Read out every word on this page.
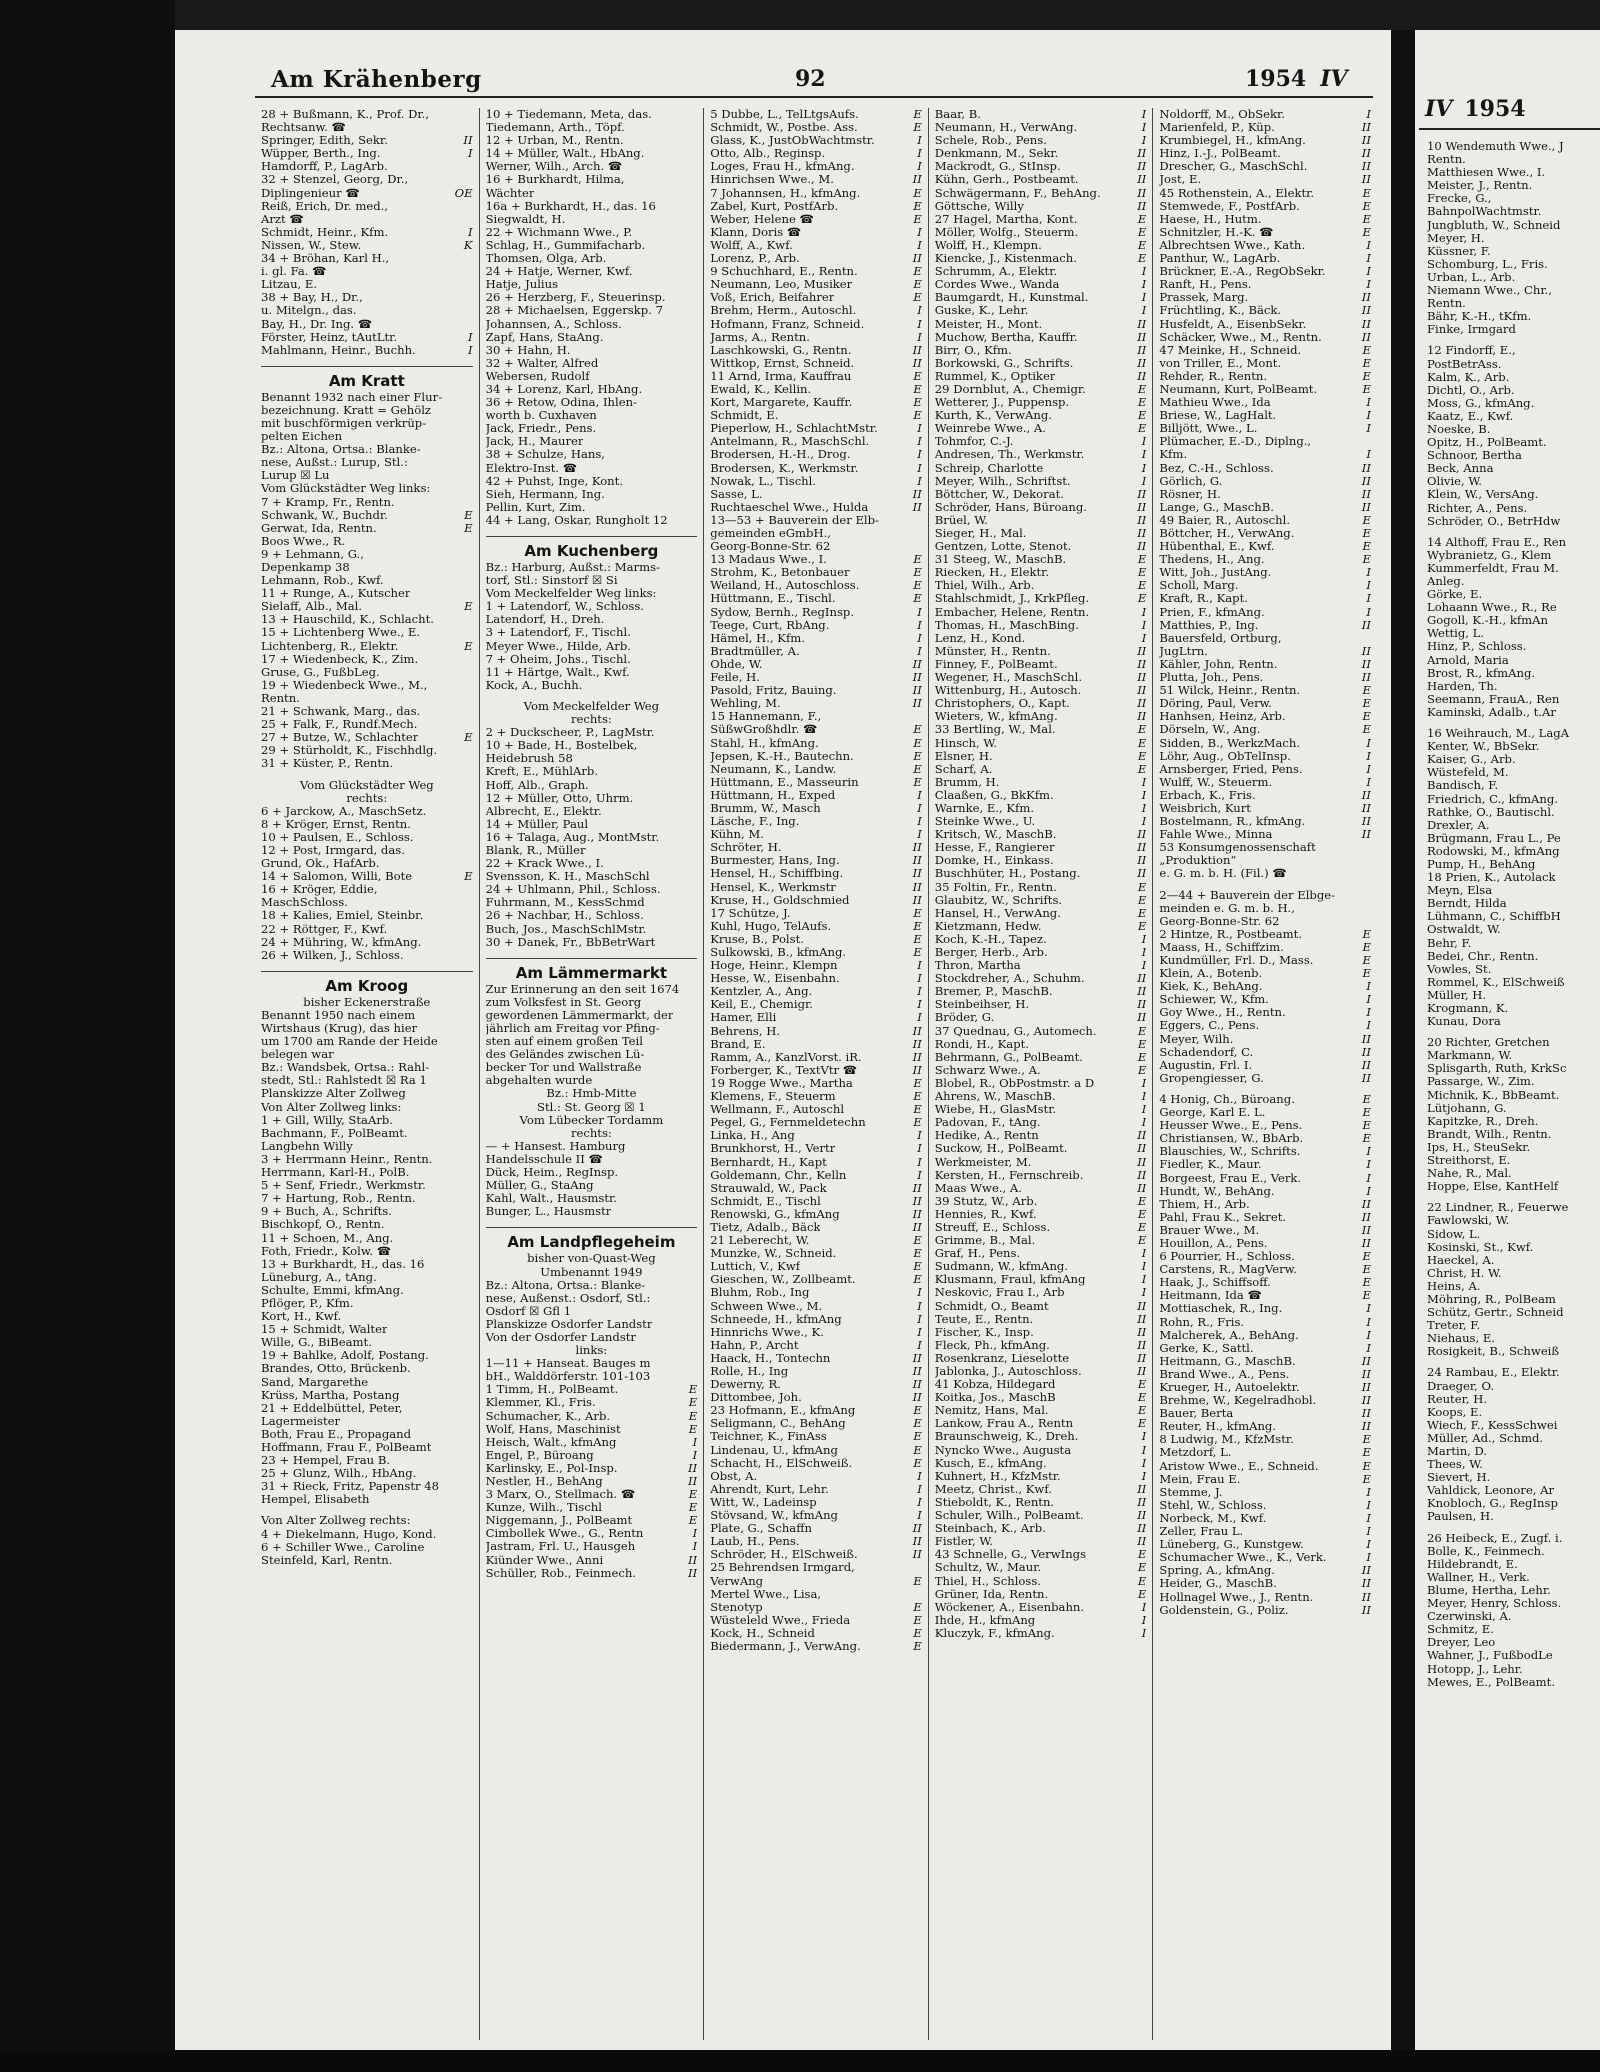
Am Krähenberg	92	1954 IV
28 + Bußmann, K., Prof. Dr.,
Rechtsanw. ☎
Springer, Edith, Sekr.	II
Wüpper, Berth., Ing.	I
Hamdorff, P., LagArb.
32 + Stenzel, Georg, Dr.,
Diplingenieur ☎	OE
Reiß, Erich, Dr. med.,
Arzt ☎
Schmidt, Heinr., Kfm.	I
Nissen, W., Stew.	K
34 + Bröhan, Karl H.,
i. gl. Fa. ☎
Litzau, E.
38 + Bay, H., Dr.,
u. Mitelgn., das.
Bay, H., Dr. Ing. ☎
Förster, Heinz, tAutLtr.	I
Mahlmann, Heinr., Buchh.	I
Am Kratt
Benannt 1932 nach einer Flur-
bezeichnung. Kratt = Gehölz
mit buschförmigen verkrüp-
pelten Eichen
Bz.: Altona, Ortsa.: Blanke-
nese, Außst.: Lurup, Stl.:
Lurup ☒ Lu
Vom Glückstädter Weg links:
7 + Kramp, Fr., Rentn.
Schwank, W., Buchdr.	E
Gerwat, Ida, Rentn.	E
Boos Wwe., R.
9 + Lehmann, G.,
Depenkamp 38
Lehmann, Rob., Kwf.
11 + Runge, A., Kutscher
Sielaff, Alb., Mal.	E
13 + Hauschild, K., Schlacht.
15 + Lichtenberg Wwe., E.
Lichtenberg, R., Elektr.	E
17 + Wiedenbeck, K., Zim.
Gruse, G., FußbLeg.
19 + Wiedenbeck Wwe., M.,
Rentn.
21 + Schwank, Marg., das.
25 + Falk, F., Rundf.Mech.
27 + Butze, W., Schlachter	E
29 + Stürholdt, K., Fischhdlg.
31 + Küster, P., Rentn.
Vom Glückstädter Weg
rechts:
6 + Jarckow, A., MaschSetz.
8 + Kröger, Ernst, Rentn.
10 + Paulsen, E., Schloss.
12 + Post, Irmgard, das.
Grund, Ok., HafArb.
14 + Salomon, Willi, Bote	E
16 + Kröger, Eddie,
MaschSchloss.
18 + Kalies, Emiel, Steinbr.
22 + Röttger, F., Kwf.
24 + Mühring, W., kfmAng.
26 + Wilken, J., Schloss.
Am Kroog
bisher Eckenerstraße
Benannt 1950 nach einem
Wirtshaus (Krug), das hier
um 1700 am Rande der Heide
belegen war
Bz.: Wandsbek, Ortsa.: Rahl-
stedt, Stl.: Rahlstedt ☒ Ra 1
Planskizze Alter Zollweg
Von Alter Zollweg links:
1 + Gill, Willy, StaArb.
Bachmann, F., PolBeamt.
Langbehn Willy
3 + Herrmann Heinr., Rentn.
Herrmann, Karl-H., PolB.
5 + Senf, Friedr., Werkmstr.
7 + Hartung, Rob., Rentn.
9 + Buch, A., Schrifts.
Bischkopf, O., Rentn.
11 + Schoen, M., Ang.
Foth, Friedr., Kolw. ☎
13 + Burkhardt, H., das. 16
Lüneburg, A., tAng.
Schulte, Emmi, kfmAng.
Pflöger, P., Kfm.
Kort, H., Kwf.
15 + Schmidt, Walter
Wille, G., BiBeamt.
19 + Bahlke, Adolf, Postang.
Brandes, Otto, Brückenb.
Sand, Margarethe
Krüss, Martha, Postang
21 + Eddelbüttel, Peter,
Lagermeister
Both, Frau E., Propagand
Hoffmann, Frau F., PolBeamt
23 + Hempel, Frau B.
25 + Glunz, Wilh., HbAng.
31 + Rieck, Fritz, Papenstr 48
Hempel, Elisabeth
Von Alter Zollweg rechts:
4 + Diekelmann, Hugo, Kond.
6 + Schiller Wwe., Caroline
Steinfeld, Karl, Rentn.
10 + Tiedemann, Meta, das.
Tiedemann, Arth., Töpf.
12 + Urban, M., Rentn.
14 + Müller, Walt., HbAng.
Werner, Wilh., Arch. ☎
16 + Burkhardt, Hilma,
Wächter
16a + Burkhardt, H., das. 16
Siegwaldt, H.
22 + Wichmann Wwe., P.
Schlag, H., Gummifacharb.
Thomsen, Olga, Arb.
24 + Hatje, Werner, Kwf.
Hatje, Julius
26 + Herzberg, F., Steuerinsp.
28 + Michaelsen, Eggerskp. 7
Johannsen, A., Schloss.
Zapf, Hans, StaAng.
30 + Hahn, H.
32 + Walter, Alfred
Webersen, Rudolf
34 + Lorenz, Karl, HbAng.
36 + Retow, Odina, Ihlen-
worth b. Cuxhaven
Jack, Friedr., Pens.
Jack, H., Maurer
38 + Schulze, Hans,
Elektro-Inst. ☎
42 + Puhst, Inge, Kont.
Sieh, Hermann, Ing.
Pellin, Kurt, Zim.
44 + Lang, Oskar, Rungholt 12
Am Kuchenberg
Bz.: Harburg, Außst.: Marms-
torf, Stl.: Sinstorf ☒ Si
Vom Meckelfelder Weg links:
1 + Latendorf, W., Schloss.
Latendorf, H., Dreh.
3 + Latendorf, F., Tischl.
Meyer Wwe., Hilde, Arb.
7 + Oheim, Johs., Tischl.
11 + Härtge, Walt., Kwf.
Kock, A., Buchh.
Vom Meckelfelder Weg
rechts:
2 + Duckscheer, P., LagMstr.
10 + Bade, H., Bostelbek,
Heidebrush 58
Kreft, E., MühlArb.
Hoff, Alb., Graph.
12 + Müller, Otto, Uhrm.
Albrecht, E., Elektr.
14 + Müller, Paul
16 + Talaga, Aug., MontMstr.
Blank, R., Müller
22 + Krack Wwe., I.
Svensson, K. H., MaschSchl
24 + Uhlmann, Phil., Schloss.
Fuhrmann, M., KessSchmd
26 + Nachbar, H., Schloss.
Buch, Jos., MaschSchlMstr.
30 + Danek, Fr., BbBetrWart
Am Lämmermarkt
Zur Erinnerung an den seit 1674
zum Volksfest in St. Georg
gewordenen Lämmermarkt, der
jährlich am Freitag vor Pfing-
sten auf einem großen Teil
des Geländes zwischen Lü-
becker Tor und Wallstraße
abgehalten wurde
Bz.: Hmb-Mitte
Stl.: St. Georg ☒ 1
Vom Lübecker Tordamm
rechts:
— + Hansest. Hamburg
Handelsschule II ☎
Dück, Heim., RegInsp.
Müller, G., StaAng
Kahl, Walt., Hausmstr.
Bunger, L., Hausmstr
Am Landpflegeheim
bisher von-Quast-Weg
Umbenannt 1949
Bz.: Altona, Ortsa.: Blanke-
nese, Außenst.: Osdorf, Stl.:
Osdorf ☒ Gfl 1
Planskizze Osdorfer Landstr
Von der Osdorfer Landstr
links:
1—11 + Hanseat. Bauges m
bH., Walddörferstr. 101-103
1 Timm, H., PolBeamt.	E
Klemmer, Kl., Fris.	E
Schumacher, K., Arb.	E
Wolf, Hans, Maschinist	E
Heisch, Walt., kfmAng	I
Engel, P., Büroang	I
Karlinsky, E., Pol-Insp.	II
Nestler, H., BehAng	II
3 Marx, O., Stellmach. ☎	E
Kunze, Wilh., Tischl	E
Niggemann, J., PolBeamt	E
Cimbollek Wwe., G., Rentn	I
Jastram, Frl. U., Hausgeh	I
Kiünder Wwe., Anni	II
Schüller, Rob., Feinmech.	II
5 Dubbe, L., TelLtgsAufs.	E
Schmidt, W., Postbe. Ass.	E
Glass, K., JustObWachtmstr.	I
Otto, Alb., Reginsp.	I
Loges, Frau H., kfmAng.	I
Hinrichsen Wwe., M.	II
7 Johannsen, H., kfmAng.	E
Zabel, Kurt, PostfArb.	E
Weber, Helene ☎	E
Klann, Doris ☎	I
Wolff, A., Kwf.	I
Lorenz, P., Arb.	II
9 Schuchhard, E., Rentn.	E
Neumann, Leo, Musiker	E
Voß, Erich, Beifahrer	E
Brehm, Herm., Autoschl.	I
Hofmann, Franz, Schneid.	I
Jarms, A., Rentn.	I
Laschkowski, G., Rentn.	II
Wittkop, Ernst, Schneid.	II
11 Arnd, Irma, Kauffrau	E
Ewald, K., Kellin.	E
Kort, Margarete, Kauffr.	E
Schmidt, E.	E
Pieperlow, H., SchlachtMstr.	I
Antelmann, R., MaschSchl.	I
Brodersen, H.-H., Drog.	I
Brodersen, K., Werkmstr.	I
Nowak, L., Tischl.	I
Sasse, L.	II
Ruchtaeschel Wwe., Hulda	II
13—53 + Bauverein der Elb-
gemeinden eGmbH.,
Georg-Bonne-Str. 62
13 Madaus Wwe., I.	E
Strohm, K., Betonbauer	E
Weiland, H., Autoschloss.	E
Hüttmann, E., Tischl.	E
Sydow, Bernh., RegInsp.	I
Teege, Curt, RbAng.	I
Hämel, H., Kfm.	I
Bradtmüller, A.	I
Ohde, W.	II
Feile, H.	II
Pasold, Fritz, Bauing.	II
Wehling, M.	II
15 Hannemann, F.,
SüßwGroßhdlr. ☎	E
Stahl, H., kfmAng.	E
Jepsen, K.-H., Bautechn.	E
Neumann, K., Landw.	E
Hüttmann, E., Masseurin	E
Hüttmann, H., Exped	I
Brumm, W., Masch	I
Läsche, F., Ing.	I
Kühn, M.	I
Schröter, H.	II
Burmester, Hans, Ing.	II
Hensel, H., Schiffbing.	II
Hensel, K., Werkmstr	II
Kruse, H., Goldschmied	II
17 Schütze, J.	E
Kuhl, Hugo, TelAufs.	E
Kruse, B., Polst.	E
Sulkowski, B., kfmAng.	E
Hoge, Heinr., Klempn	I
Hesse, W., Eisenbahn.	I
Kentzler, A., Ang.	I
Keil, E., Chemigr.	I
Hamer, Elli	I
Behrens, H.	II
Brand, E.	II
Ramm, A., KanzlVorst. iR.	II
Forberger, K., TextVtr ☎	II
19 Rogge Wwe., Martha	E
Klemens, F., Steuerm	E
Wellmann, F., Autoschl	E
Pegel, G., Fernmeldetechn	E
Linka, H., Ang	I
Brunkhorst, H., Vertr	I
Bernhardt, H., Kapt	I
Goldemann, Chr., Kelln	I
Strauwald, W., Pack	II
Schmidt, E., Tischl	II
Renowski, G., kfmAng	II
Tietz, Adalb., Bäck	II
21 Leberecht, W.	E
Munzke, W., Schneid.	E
Luttich, V., Kwf	E
Gieschen, W., Zollbeamt.	E
Bluhm, Rob., Ing	I
Schween Wwe., M.	I
Schneede, H., kfmAng	I
Hinnrichs Wwe., K.	I
Hahn, P., Archt	I
Haack, H., Tontechn	II
Rolle, H., Ing	II
Dewerny, R.	II
Dittombee, Joh.	II
23 Hofmann, E., kfmAng	E
Seligmann, C., BehAng	E
Teichner, K., FinAss	E
Lindenau, U., kfmAng	E
Schacht, H., ElSchweiß.	E
Obst, A.	I
Ahrendt, Kurt, Lehr.	I
Witt, W., Ladeinsp	I
Stövsand, W., kfmAng	I
Plate, G., Schaffn	II
Laub, H., Pens.	II
Schröder, H., ElSchweiß.	II
25 Behrendsen Irmgard,
VerwAng	E
Mertel Wwe., Lisa,
Stenotyp	E
Wüsteleld Wwe., Frieda	E
Kock, H., Schneid	E
Biedermann, J., VerwAng.	E
Baar, B.	I
Neumann, H., VerwAng.	I
Schele, Rob., Pens.	I
Denkmann, M., Sekr.	II
Mackrodt, G., StInsp.	II
Kühn, Gerh., Postbeamt.	II
Schwägermann, F., BehAng.	II
Göttsche, Willy	II
27 Hagel, Martha, Kont.	E
Möller, Wolfg., Steuerm.	E
Wolff, H., Klempn.	E
Kiencke, J., Kistenmach.	E
Schrumm, A., Elektr.	I
Cordes Wwe., Wanda	I
Baumgardt, H., Kunstmal.	I
Guske, K., Lehr.	I
Meister, H., Mont.	II
Muchow, Bertha, Kauffr.	II
Birr, O., Kfm.	II
Borkowski, G., Schrifts.	II
Rummel, K., Optiker	II
29 Dornblut, A., Chemigr.	E
Wetterer, J., Puppensp.	E
Kurth, K., VerwAng.	E
Weinrebe Wwe., A.	E
Tohmfor, C.-J.	I
Andresen, Th., Werkmstr.	I
Schreip, Charlotte	I
Meyer, Wilh., Schriftst.	I
Böttcher, W., Dekorat.	II
Schröder, Hans, Büroang.	II
Brüel, W.	II
Sieger, H., Mal.	II
Gentzen, Lotte, Stenot.	II
31 Steeg, W., MaschB.	E
Riecken, H., Elektr.	E
Thiel, Wilh., Arb.	E
Stahlschmidt, J., KrkPfleg.	E
Embacher, Helene, Rentn.	I
Thomas, H., MaschBing.	I
Lenz, H., Kond.	I
Münster, H., Rentn.	II
Finney, F., PolBeamt.	II
Wegener, H., MaschSchl.	II
Wittenburg, H., Autosch.	II
Christophers, O., Kapt.	II
Wieters, W., kfmAng.	II
33 Bertling, W., Mal.	E
Hinsch, W.	E
Elsner, H.	E
Scharf, A.	E
Brumm, H.	I
Claaßen, G., BkKfm.	I
Warnke, E., Kfm.	I
Steinke Wwe., U.	I
Kritsch, W., MaschB.	II
Hesse, F., Rangierer	II
Domke, H., Einkass.	II
Buschhüter, H., Postang.	II
35 Foltin, Fr., Rentn.	E
Glaubitz, W., Schrifts.	E
Hansel, H., VerwAng.	E
Kietzmann, Hedw.	E
Koch, K.-H., Tapez.	I
Berger, Herb., Arb.	I
Thron, Martha	I
Stockdreher, A., Schuhm.	II
Bremer, P., MaschB.	II
Steinbeihser, H.	II
Bröder, G.	II
37 Quednau, G., Automech.	E
Rondi, H., Kapt.	E
Behrmann, G., PolBeamt.	E
Schwarz Wwe., A.	E
Blobel, R., ObPostmstr. a D	I
Ahrens, W., MaschB.	I
Wiebe, H., GlasMstr.	I
Padovan, F., tAng.	I
Hedike, A., Rentn	II
Suckow, H., PolBeamt.	II
Werkmeister, M.	II
Kersten, H., Fernschreib.	II
Maas Wwe., A.	II
39 Stutz, W., Arb.	E
Hennies, R., Kwf.	E
Streuff, E., Schloss.	E
Grimme, B., Mal.	E
Graf, H., Pens.	I
Sudmann, W., kfmAng.	I
Klusmann, Fraul, kfmAng	I
Neskovic, Frau I., Arb	I
Schmidt, O., Beamt	II
Teute, E., Rentn.	II
Fischer, K., Insp.	II
Fleck, Ph., kfmAng.	II
Rosenkranz, Lieselotte	II
Jablonka, J., Autoschloss.	II
41 Kobza, Hildegard	E
Koitka, Jos., MaschB	E
Nemitz, Hans, Mal.	E
Lankow, Frau A., Rentn	E
Braunschweig, K., Dreh.	I
Nyncko Wwe., Augusta	I
Kusch, E., kfmAng.	I
Kuhnert, H., KfzMstr.	I
Meetz, Christ., Kwf.	II
Stieboldt, K., Rentn.	II
Schuler, Wilh., PolBeamt.	II
Steinbach, K., Arb.	II
Fistler, W.	II
43 Schnelle, G., VerwIngs	E
Schultz, W., Maur.	E
Thiel, H., Schloss.	E
Grüner, Ida, Rentn.	E
Wöckener, A., Eisenbahn.	I
Ihde, H., kfmAng	I
Kluczyk, F., kfmAng.	I
Noldorff, M., ObSekr.	I
Marienfeld, P., Küp.	II
Krumbiegel, H., kfmAng.	II
Hinz, I.-J., PolBeamt.	II
Drescher, G., MaschSchl.	II
Jost, E.	II
45 Rothenstein, A., Elektr.	E
Stemwede, F., PostfArb.	E
Haese, H., Hutm.	E
Schnitzler, H.-K. ☎	E
Albrechtsen Wwe., Kath.	I
Panthur, W., LagArb.	I
Brückner, E.-A., RegObSekr.	I
Ranft, H., Pens.	I
Prassek, Marg.	II
Früchtling, K., Bäck.	II
Husfeldt, A., EisenbSekr.	II
Schäcker, Wwe., M., Rentn.	II
47 Meinke, H., Schneid.	E
von Triller, E., Mont.	E
Rehder, R., Rentn.	E
Neumann, Kurt, PolBeamt.	E
Mathieu Wwe., Ida	I
Briese, W., LagHalt.	I
Billjött, Wwe., L.	I
Plümacher, E.-D., Diplng.,
Kfm.	I
Bez, C.-H., Schloss.	II
Görlich, G.	II
Rösner, H.	II
Lange, G., MaschB.	II
49 Baier, R., Autoschl.	E
Böttcher, H., VerwAng.	E
Hübenthal, E., Kwf.	E
Thedens, H., Ang.	E
Witt, Joh., JustAng.	I
Scholl, Marg.	I
Kraft, R., Kapt.	I
Prien, F., kfmAng.	I
Matthies, P., Ing.	II
Bauersfeld, Ortburg,
JugLtrn.	II
Kähler, John, Rentn.	II
Plutta, Joh., Pens.	II
51 Wilck, Heinr., Rentn.	E
Döring, Paul, Verw.	E
Hanhsen, Heinz, Arb.	E
Dörseln, W., Ang.	E
Sidden, B., WerkzMach.	I
Löhr, Aug., ObTelInsp.	I
Arnsberger, Fried, Pens.	I
Wulff, W., Steuerm.	I
Erbach, K., Fris.	II
Weisbrich, Kurt	II
Bostelmann, R., kfmAng.	II
Fahle Wwe., Minna	II
53 Konsumgenossenschaft
„Produktion“
e. G. m. b. H. (Fil.) ☎
2—44 + Bauverein der Elbge-
meinden e. G. m. b. H.,
Georg-Bonne-Str. 62
2 Hintze, R., Postbeamt.	E
Maass, H., Schiffzim.	E
Kundmüller, Frl. D., Mass.	E
Klein, A., Botenb.	E
Kiek, K., BehAng.	I
Schiewer, W., Kfm.	I
Goy Wwe., H., Rentn.	I
Eggers, C., Pens.	I
Meyer, Wilh.	II
Schadendorf, C.	II
Augustin, Frl. I.	II
Gropengiesser, G.	II
4 Honig, Ch., Büroang.	E
George, Karl E. L.	E
Heusser Wwe., E., Pens.	E
Christiansen, W., BbArb.	E
Blauschies, W., Schrifts.	I
Fiedler, K., Maur.	I
Borgeest, Frau E., Verk.	I
Hundt, W., BehAng.	I
Thiem, H., Arb.	II
Pahl, Frau K., Sekret.	II
Brauer Wwe., M.	II
Houillon, A., Pens.	II
6 Pourrier, H., Schloss.	E
Carstens, R., MagVerw.	E
Haak, J., Schiffsoff.	E
Heitmann, Ida ☎	E
Mottiaschek, R., Ing.	I
Rohn, R., Fris.	I
Malcherek, A., BehAng.	I
Gerke, K., Sattl.	I
Heitmann, G., MaschB.	II
Brand Wwe., A., Pens.	II
Krueger, H., Autoelektr.	II
Brehme, W., Kegelradhobl.	II
Bauer, Berta	II
Reuter, H., kfmAng.	II
8 Ludwig, M., KfzMstr.	E
Metzdorf, L.	E
Aristow Wwe., E., Schneid.	E
Mein, Frau E.	E
Stemme, J.	I
Stehl, W., Schloss.	I
Norbeck, M., Kwf.	I
Zeller, Frau L.	I
Lüneberg, G., Kunstgew.	I
Schumacher Wwe., K., Verk.	I
Spring, A., kfmAng.	II
Heider, G., MaschB.	II
Hollnagel Wwe., J., Rentn.	II
Goldenstein, G., Poliz.	II
IV 1954
10 Wendemuth Wwe., J
Rentn.
Matthiesen Wwe., I.
Meister, J., Rentn.
Frecke, G.,
BahnpolWachtmstr.
Jungbluth, W., Schneid
Meyer, H.
Küssner, F.
Schomburg, L., Fris.
Urban, L., Arb.
Niemann Wwe., Chr.,
Rentn.
Bähr, K.-H., tKfm.
Finke, Irmgard
12 Findorff, E.,
PostBetrAss.
Kalm, K., Arb.
Dichtl, O., Arb.
Moss, G., kfmAng.
Kaatz, E., Kwf.
Noeske, B.
Opitz, H., PolBeamt.
Schnoor, Bertha
Beck, Anna
Olivie, W.
Klein, W., VersAng.
Richter, A., Pens.
Schröder, O., BetrHdw
14 Althoff, Frau E., Ren
Wybranietz, G., Klem
Kummerfeldt, Frau M.
Anleg.
Görke, E.
Lohaann Wwe., R., Re
Gogoll, K.-H., kfmAn
Wettig, L.
Hinz, P., Schloss.
Arnold, Maria
Brost, R., kfmAng.
Harden, Th.
Seemann, FrauA., Ren
Kaminski, Adalb., t.Ar
16 Weihrauch, M., LagA
Kenter, W., BbSekr.
Kaiser, G., Arb.
Wüstefeld, M.
Bandisch, F.
Friedrich, C., kfmAng.
Rathke, O., Bautischl.
Drexler, A.
Brügmann, Frau L., Pe
Rodowski, M., kfmAng
Pump, H., BehAng
18 Prien, K., Autolack
Meyn, Elsa
Berndt, Hilda
Lühmann, C., SchiffbH
Ostwaldt, W.
Behr, F.
Bedei, Chr., Rentn.
Vowles, St.
Rommel, K., ElSchweiß
Müller, H.
Krogmann, K.
Kunau, Dora
20 Richter, Gretchen
Markmann, W.
Splisgarth, Ruth, KrkSc
Passarge, W., Zim.
Michnik, K., BbBeamt.
Lütjohann, G.
Kapitzke, R., Dreh.
Brandt, Wilh., Rentn.
Ips, H., SteuSekr.
Streithorst, E.
Nahe, R., Mal.
Hoppe, Else, KantHelf
22 Lindner, R., Feuerwe
Fawlowski, W.
Sidow, L.
Kosinski, St., Kwf.
Haeckel, A.
Christ, H. W.
Heins, A.
Möhring, R., PolBeam
Schütz, Gertr., Schneid
Treter, F.
Niehaus, E.
Rosigkeit, B., Schweiß
24 Rambau, E., Elektr.
Draeger, O.
Reuter, H.
Koops, E.
Wiech, F., KessSchwei
Müller, Ad., Schmd.
Martin, D.
Thees, W.
Sievert, H.
Vahldick, Leonore, Ar
Knobloch, G., RegInsp
Paulsen, H.
26 Heibeck, E., Zugf. i.
Bolle, K., Feinmech.
Hildebrandt, E.
Wallner, H., Verk.
Blume, Hertha, Lehr.
Meyer, Henry, Schloss.
Czerwinski, A.
Schmitz, E.
Dreyer, Leo
Wahner, J., FußbodLe
Hotopp, J., Lehr.
Mewes, E., PolBeamt.
